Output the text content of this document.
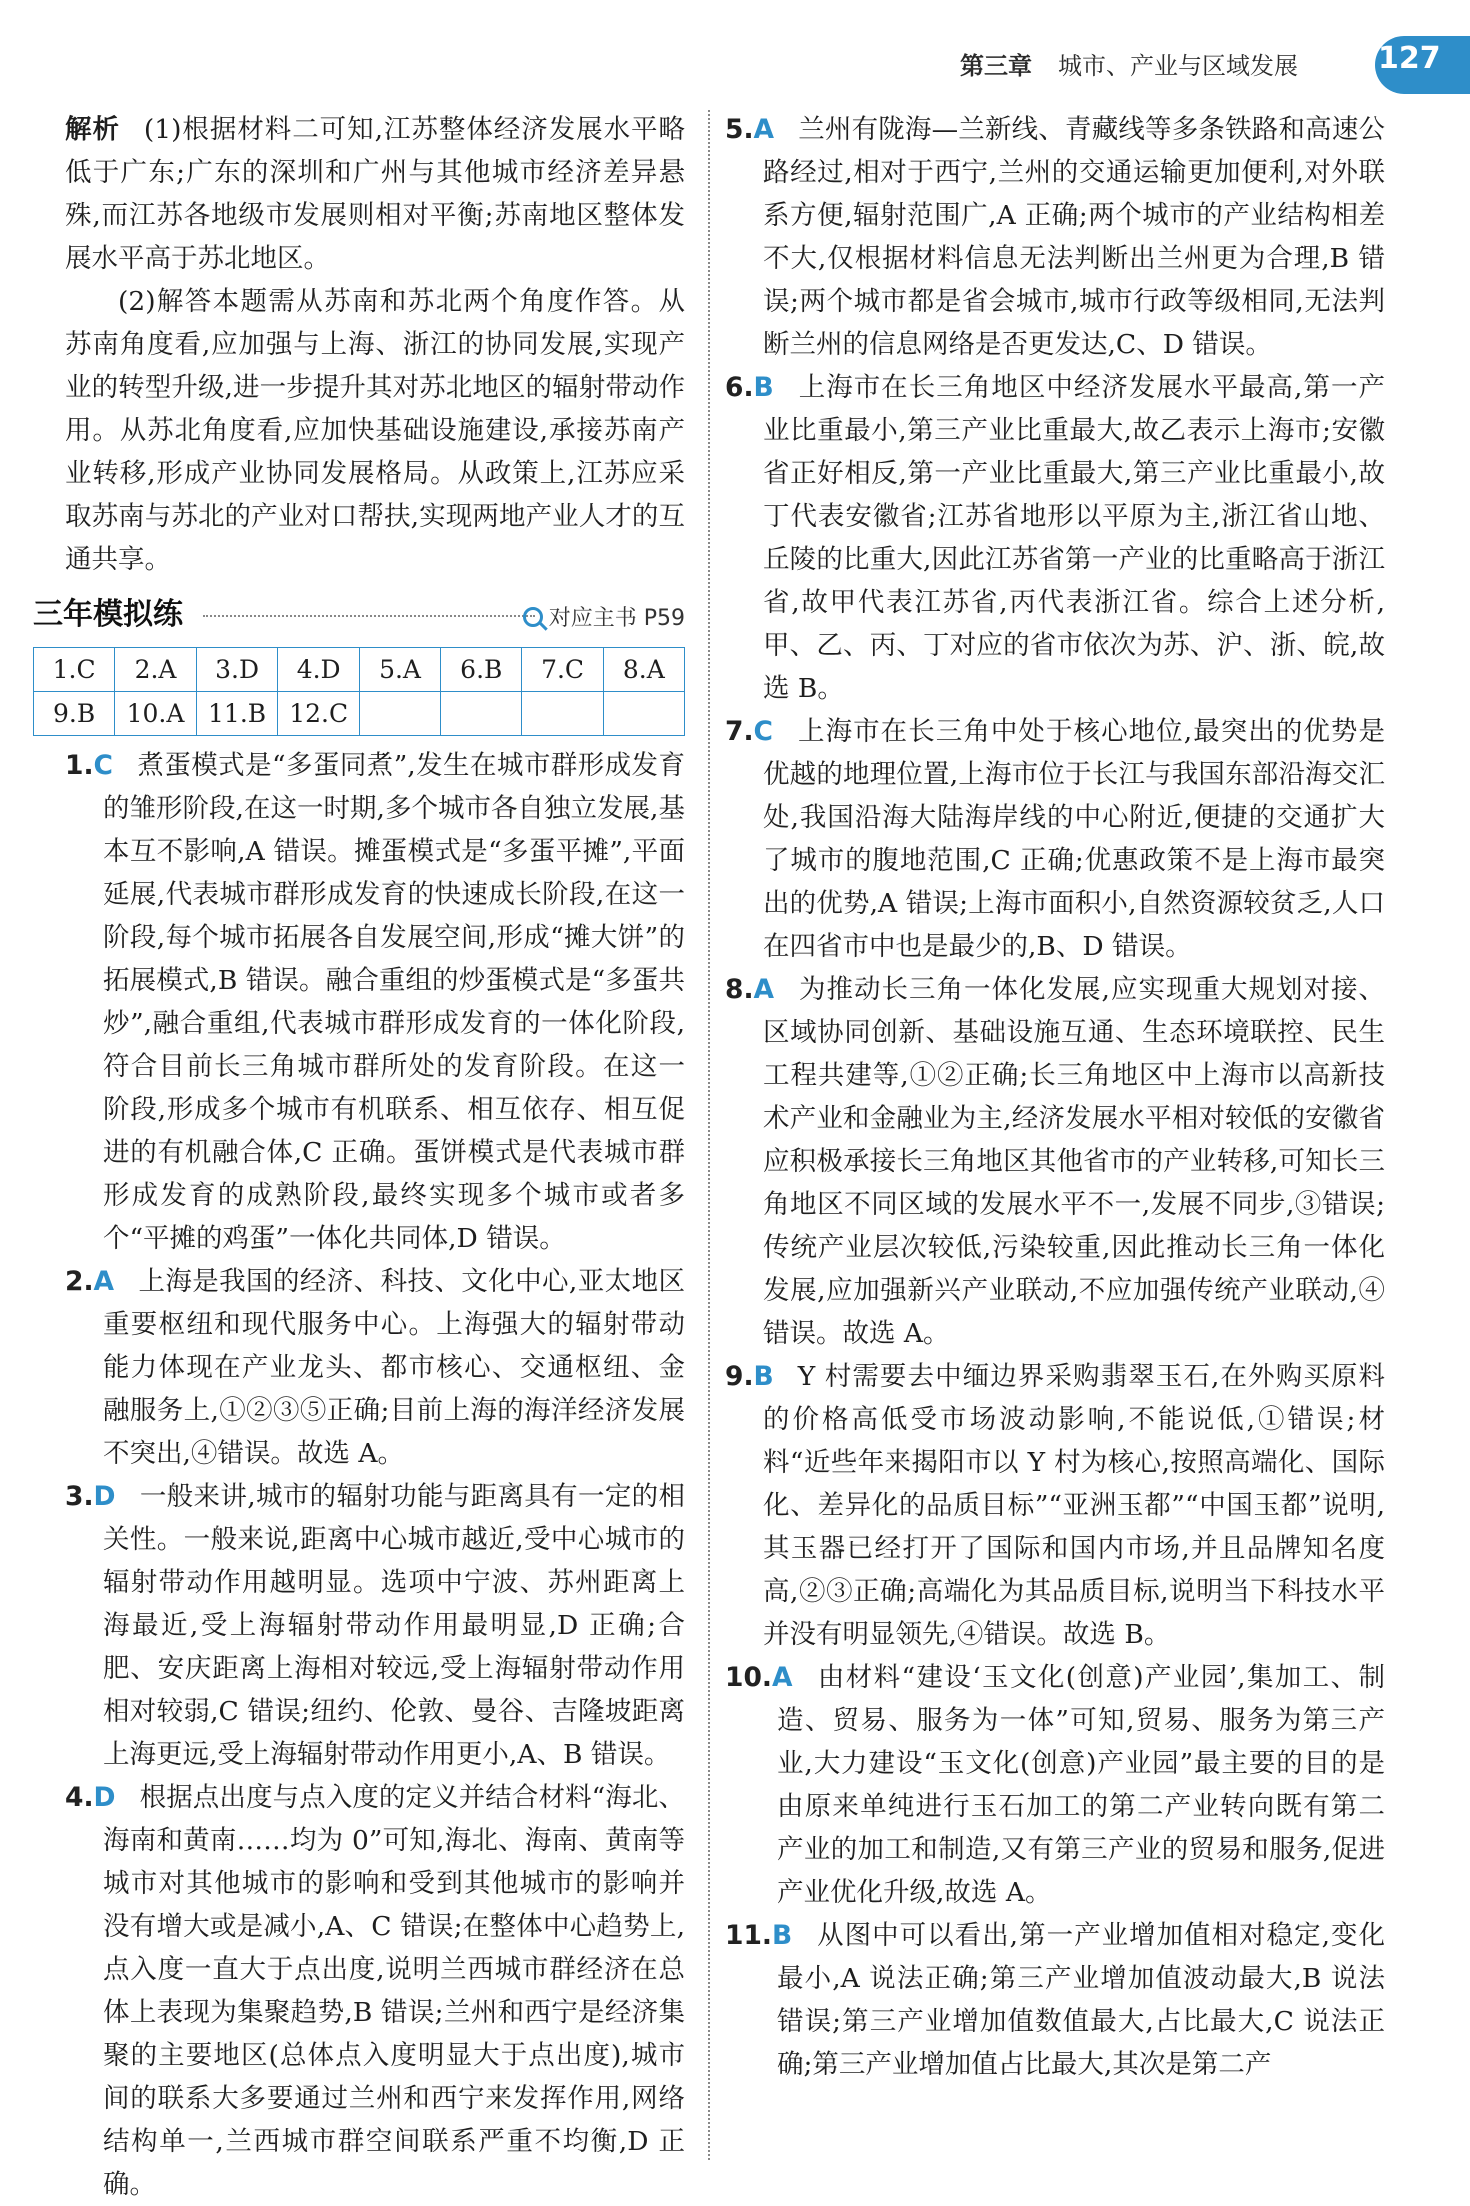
第三章 城市、产业与区域发展	127

解析 (1)根据材料二可知,江苏整体经济发展水平略低于广东;广东的深圳和广州与其他城市经济差异悬殊,而江苏各地级市发展则相对平衡;苏南地区整体发展水平高于苏北地区。

(2)解答本题需从苏南和苏北两个角度作答。从苏南角度看,应加强与上海、浙江的协同发展,实现产业的转型升级,进一步提升其对苏北地区的辐射带动作用。从苏北角度看,应加快基础设施建设,承接苏南产业转移,形成产业协同发展格局。从政策上,江苏应采取苏南与苏北的产业对口帮扶,实现两地产业人才的互通共享。

三年模拟练	对应主书 P59
1.C	2.A	3.D	4.D	5.A	6.B	7.C	8.A
9.B	10.A	11.B	12.C				

1.C 煮蛋模式是“多蛋同煮”,发生在城市群形成发育的雏形阶段,在这一时期,多个城市各自独立发展,基本互不影响,A 错误。摊蛋模式是“多蛋平摊”,平面延展,代表城市群形成发育的快速成长阶段,在这一阶段,每个城市拓展各自发展空间,形成“摊大饼”的拓展模式,B 错误。融合重组的炒蛋模式是“多蛋共炒”,融合重组,代表城市群形成发育的一体化阶段,符合目前长三角城市群所处的发育阶段。在这一阶段,形成多个城市有机联系、相互依存、相互促进的有机融合体,C 正确。蛋饼模式是代表城市群形成发育的成熟阶段,最终实现多个城市或者多个“平摊的鸡蛋”一体化共同体,D 错误。

2.A 上海是我国的经济、科技、文化中心,亚太地区重要枢纽和现代服务中心。上海强大的辐射带动能力体现在产业龙头、都市核心、交通枢纽、金融服务上,①②③⑤正确;目前上海的海洋经济发展不突出,④错误。故选 A。

3.D 一般来讲,城市的辐射功能与距离具有一定的相关性。一般来说,距离中心城市越近,受中心城市的辐射带动作用越明显。选项中宁波、苏州距离上海最近,受上海辐射带动作用最明显,D 正确;合肥、安庆距离上海相对较远,受上海辐射带动作用相对较弱,C 错误;纽约、伦敦、曼谷、吉隆坡距离上海更远,受上海辐射带动作用更小,A、B 错误。

4.D 根据点出度与点入度的定义并结合材料“海北、海南和黄南……均为 0”可知,海北、海南、黄南等城市对其他城市的影响和受到其他城市的影响并没有增大或是减小,A、C 错误;在整体中心趋势上,点入度一直大于点出度,说明兰西城市群经济在总体上表现为集聚趋势,B 错误;兰州和西宁是经济集聚的主要地区(总体点入度明显大于点出度),城市间的联系大多要通过兰州和西宁来发挥作用,网络结构单一,兰西城市群空间联系严重不均衡,D 正确。

5.A 兰州有陇海—兰新线、青藏线等多条铁路和高速公路经过,相对于西宁,兰州的交通运输更加便利,对外联系方便,辐射范围广,A 正确;两个城市的产业结构相差不大,仅根据材料信息无法判断出兰州更为合理,B 错误;两个城市都是省会城市,城市行政等级相同,无法判断兰州的信息网络是否更发达,C、D 错误。

6.B 上海市在长三角地区中经济发展水平最高,第一产业比重最小,第三产业比重最大,故乙表示上海市;安徽省正好相反,第一产业比重最大,第三产业比重最小,故丁代表安徽省;江苏省地形以平原为主,浙江省山地、丘陵的比重大,因此江苏省第一产业的比重略高于浙江省,故甲代表江苏省,丙代表浙江省。综合上述分析,甲、乙、丙、丁对应的省市依次为苏、沪、浙、皖,故选 B。

7.C 上海市在长三角中处于核心地位,最突出的优势是优越的地理位置,上海市位于长江与我国东部沿海交汇处,我国沿海大陆海岸线的中心附近,便捷的交通扩大了城市的腹地范围,C 正确;优惠政策不是上海市最突出的优势,A 错误;上海市面积小,自然资源较贫乏,人口在四省市中也是最少的,B、D 错误。

8.A 为推动长三角一体化发展,应实现重大规划对接、区域协同创新、基础设施互通、生态环境联控、民生工程共建等,①②正确;长三角地区中上海市以高新技术产业和金融业为主,经济发展水平相对较低的安徽省应积极承接长三角地区其他省市的产业转移,可知长三角地区不同区域的发展水平不一,发展不同步,③错误;传统产业层次较低,污染较重,因此推动长三角一体化发展,应加强新兴产业联动,不应加强传统产业联动,④错误。故选 A。

9.B Y 村需要去中缅边界采购翡翠玉石,在外购买原料的价格高低受市场波动影响,不能说低,①错误;材料“近些年来揭阳市以 Y 村为核心,按照高端化、国际化、差异化的品质目标”“亚洲玉都”“中国玉都”说明,其玉器已经打开了国际和国内市场,并且品牌知名度高,②③正确;高端化为其品质目标,说明当下科技水平并没有明显领先,④错误。故选 B。

10.A 由材料“建设‘玉文化(创意)产业园’,集加工、制造、贸易、服务为一体”可知,贸易、服务为第三产业,大力建设“玉文化(创意)产业园”最主要的目的是由原来单纯进行玉石加工的第二产业转向既有第二产业的加工和制造,又有第三产业的贸易和服务,促进产业优化升级,故选 A。

11.B 从图中可以看出,第一产业增加值相对稳定,变化最小,A 说法正确;第三产业增加值波动最大,B 说法错误;第三产业增加值数值最大,占比最大,C 说法正确;第三产业增加值占比最大,其次是第二产
